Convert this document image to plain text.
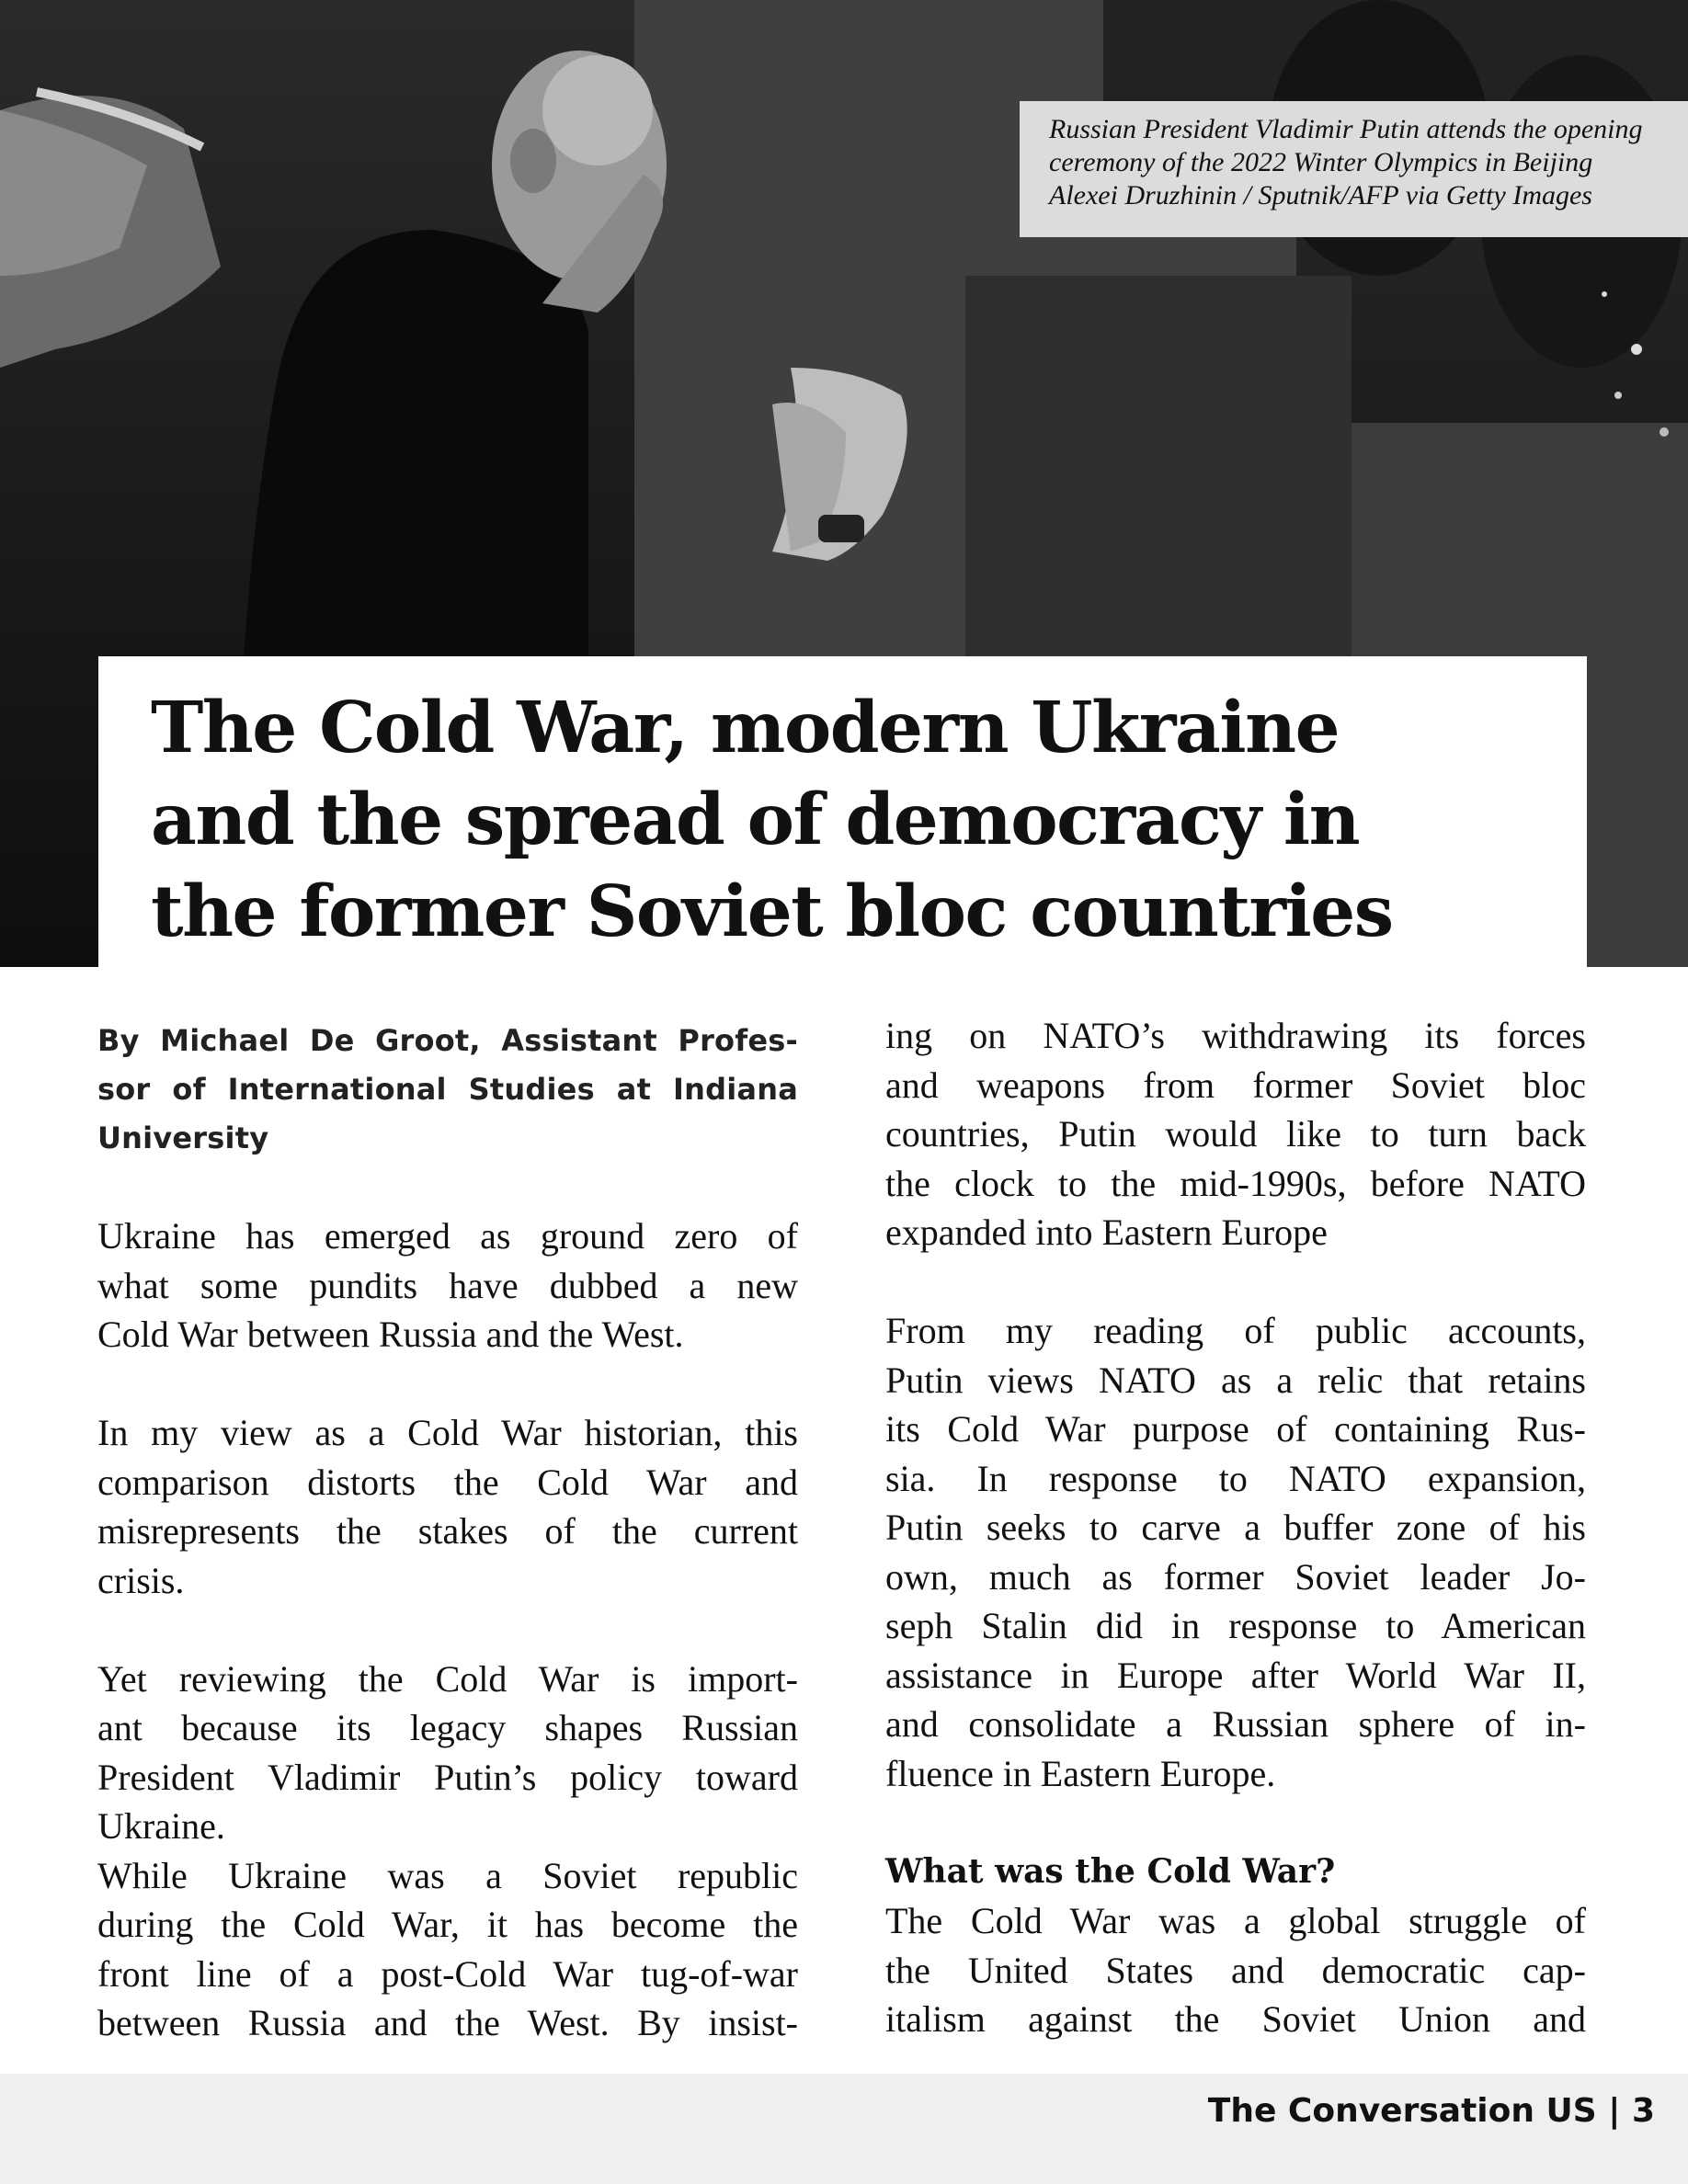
Russian President Vladimir Putin attends the opening
ceremony of the 2022 Winter Olympics in Beijing
Alexei Druzhinin / Sputnik/AFP via Getty Images
The Cold War, modern Ukraine
and the spread of democracy in
the former Soviet bloc countries
By Michael De Groot, Assistant Profes-
sor of International Studies at Indiana
University
Ukraine has emerged as ground zero of
what some pundits have dubbed a new
Cold War between Russia and the West.
In my view as a Cold War historian, this
comparison distorts the Cold War and
misrepresents the stakes of the current
crisis.
Yet reviewing the Cold War is import-
ant because its legacy shapes Russian
President Vladimir Putin’s policy toward
Ukraine.
While Ukraine was a Soviet republic
during the Cold War, it has become the
front line of a post-Cold War tug-of-war
between Russia and the West. By insist-
ing on NATO’s withdrawing its forces
and weapons from former Soviet bloc
countries, Putin would like to turn back
the clock to the mid-1990s, before NATO
expanded into Eastern Europe
From my reading of public accounts,
Putin views NATO as a relic that retains
its Cold War purpose of containing Rus-
sia. In response to NATO expansion,
Putin seeks to carve a buffer zone of his
own, much as former Soviet leader Jo-
seph Stalin did in response to American
assistance in Europe after World War II,
and consolidate a Russian sphere of in-
fluence in Eastern Europe.
What was the Cold War?
The Cold War was a global struggle of
the United States and democratic cap-
italism against the Soviet Union and
The Conversation US | 3
